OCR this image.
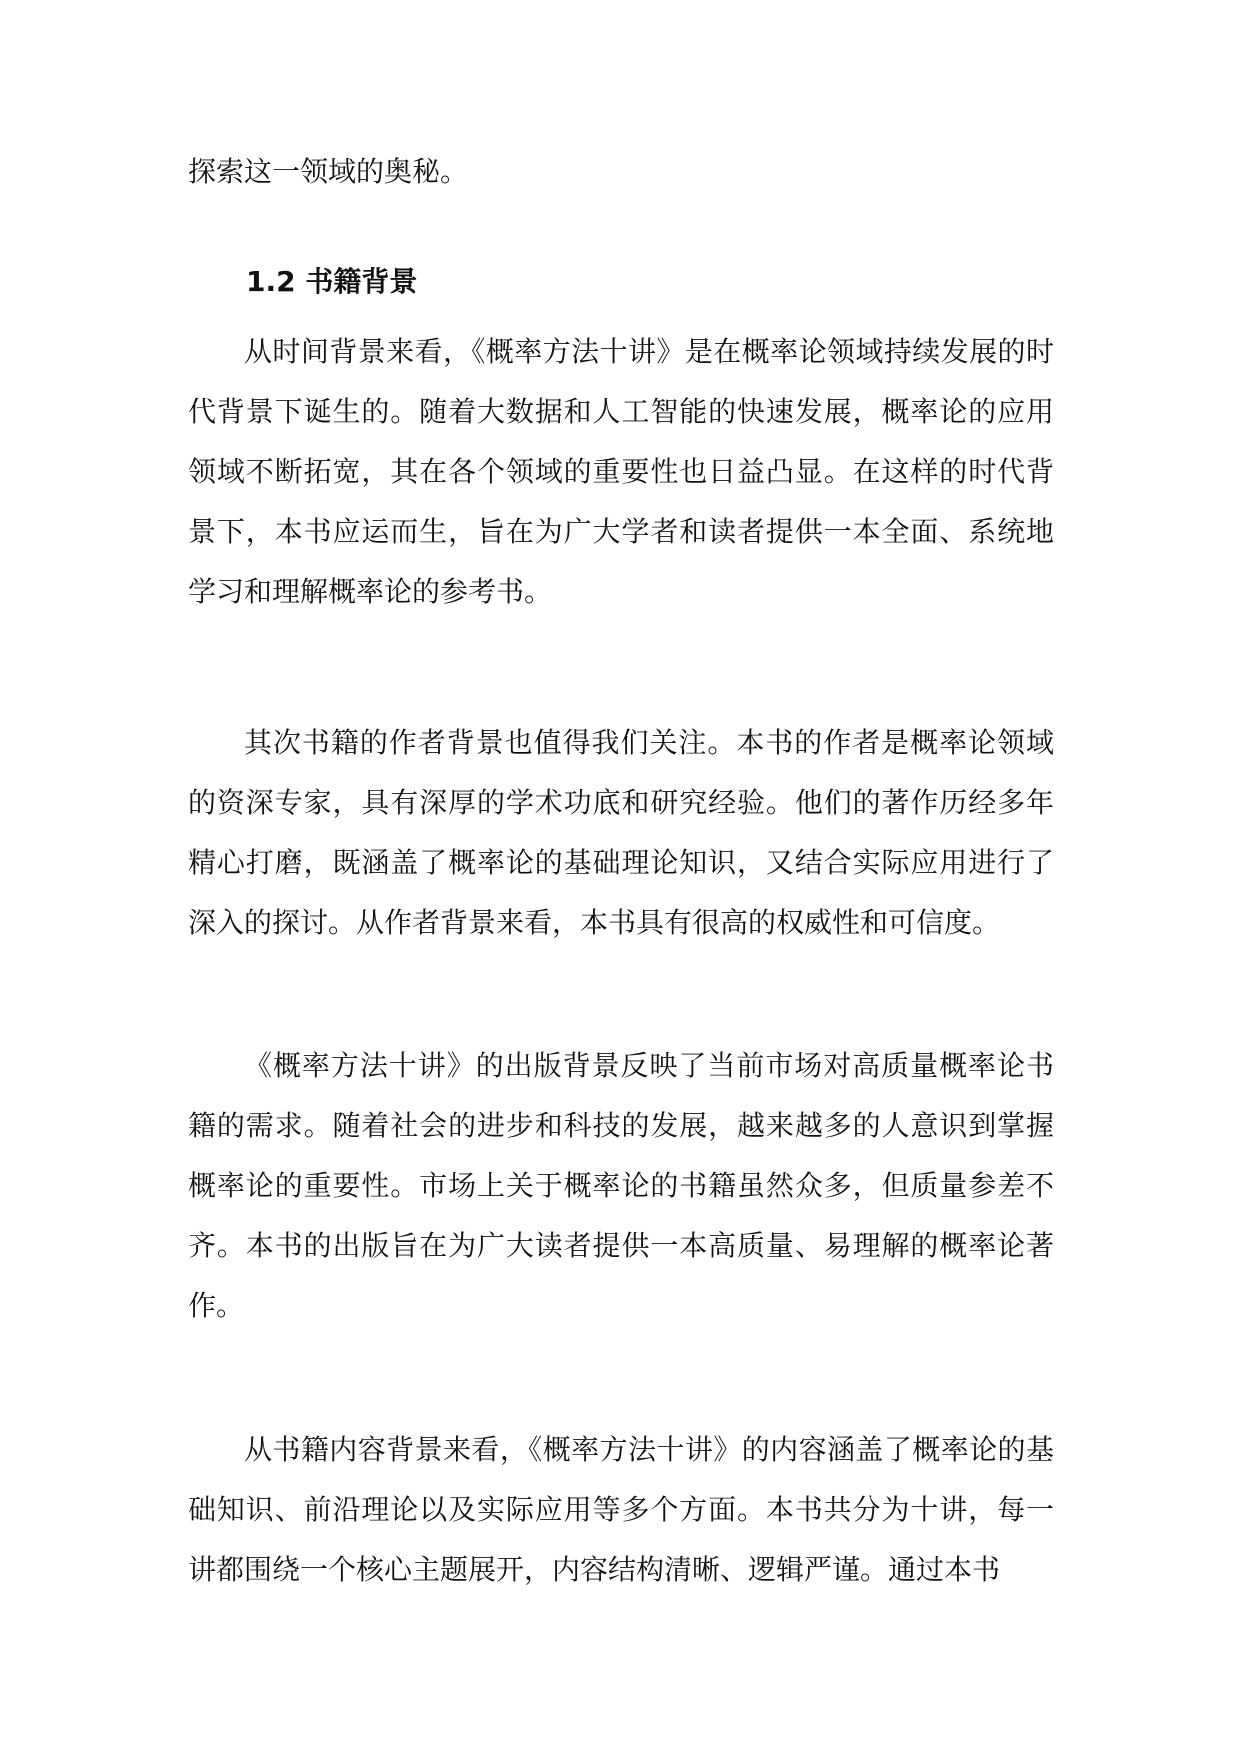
探索这一领域的奥秘。

1.2 书籍背景

从时间背景来看，《概率方法十讲》是在概率论领域持续发展的时代背景下诞生的。随着大数据和人工智能的快速发展，概率论的应用领域不断拓宽，其在各个领域的重要性也日益凸显。在这样的时代背景下，本书应运而生，旨在为广大学者和读者提供一本全面、系统地学习和理解概率论的参考书。

其次书籍的作者背景也值得我们关注。本书的作者是概率论领域的资深专家，具有深厚的学术功底和研究经验。他们的著作历经多年精心打磨，既涵盖了概率论的基础理论知识，又结合实际应用进行了深入的探讨。从作者背景来看，本书具有很高的权威性和可信度。

《概率方法十讲》的出版背景反映了当前市场对高质量概率论书籍的需求。随着社会的进步和科技的发展，越来越多的人意识到掌握概率论的重要性。市场上关于概率论的书籍虽然众多，但质量参差不齐。本书的出版旨在为广大读者提供一本高质量、易理解的概率论著作。

从书籍内容背景来看，《概率方法十讲》的内容涵盖了概率论的基础知识、前沿理论以及实际应用等多个方面。本书共分为十讲，每一讲都围绕一个核心主题展开，内容结构清晰、逻辑严谨。通过本书
